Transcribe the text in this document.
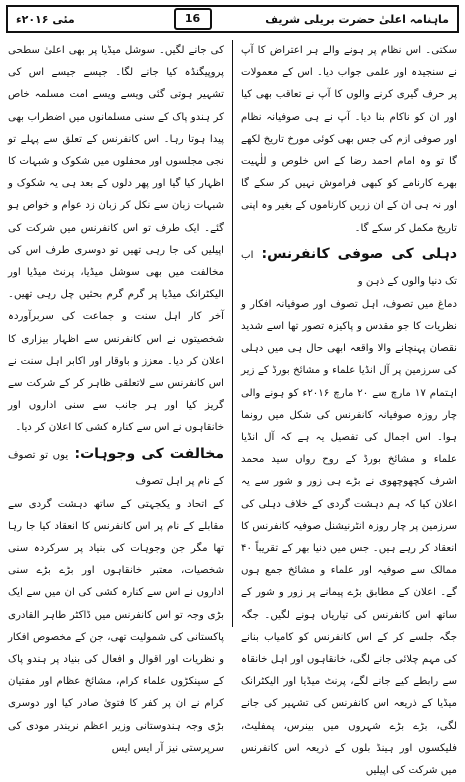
مئی ۲۰۱۶ء	16	ماہنامہ اعلیٰ حضرت بریلی شریف

سکتی۔ اس نظام پر ہونے والے ہر اعتراض کا آپ نے سنجیدہ اور علمی جواب دیا۔ اس کے معمولات پر حرف گیری کرنے والوں کا آپ نے تعاقب بھی کیا اور ان کو ناکام بنا دیا۔ آپ نے ہی صوفیانہ نظام اور صوفی ازم کی جس بھی کوئی مورخ تاریخ لکھے گا تو وہ امام احمد رضا کے اس خلوص و للٰہیت بھرے کارنامے کو کبھی فراموش نہیں کر سکے گا اور نہ ہی ان کے ان زریں کارناموں کے بغیر وہ اپنی تاریخ مکمل کر سکے گا۔

دہلی کی صوفی کانفرنس: اب تک دنیا والوں کے ذہن و

دماغ میں تصوف، اہل تصوف اور صوفیانہ افکار و نظریات کا جو مقدس و پاکیزہ تصور تھا اسے شدید نقصان پہنچانے والا واقعہ ابھی حال ہی میں دہلی کی سرزمین پر آل انڈیا علماء و مشائخ بورڈ کے زیر اہتمام ۱۷ مارچ سے ۲۰ مارچ ۲۰۱۶ء کو ہونے والی چار روزہ صوفیانہ کانفرنس کی شکل میں رونما ہوا۔ اس اجمال کی تفصیل یہ ہے کہ آل انڈیا علماء و مشائخ بورڈ کے روح رواں سید محمد اشرف کچھوچھوی نے بڑے ہی زور و شور سے یہ اعلان کیا کہ ہم دہشت گردی کے خلاف دہلی کی سرزمین پر چار روزہ انٹرنیشنل صوفیہ کانفرنس کا انعقاد کر رہے ہیں۔ جس میں دنیا بھر کے تقریباً ۴۰ ممالک سے صوفیہ اور علماء و مشائخ جمع ہوں گے۔ اعلان کے مطابق بڑے پیمانے پر زور و شور کے ساتھ اس کانفرنس کی تیاریاں ہونے لگیں۔ جگہ جگہ جلسے کر کے اس کانفرنس کو کامیاب بنانے کی مہم چلائی جانے لگی، خانقاہوں اور اہل خانقاہ سے رابطے کیے جانے لگے، پرنٹ میڈیا اور الیکٹرانک میڈیا کے ذریعہ اس کانفرنس کی تشہیر کی جانے لگی، بڑے بڑے شہروں میں بینرس، پمفلیٹ، فلیکسوں اور ہینڈ بلوں کے ذریعہ اس کانفرنس میں شرکت کی اپیلیں

کی جانے لگیں۔ سوشل میڈیا پر بھی اعلیٰ سطحی پروپیگنڈہ کیا جانے لگا۔ جیسے جیسے اس کی تشہیر ہوتی گئی ویسے ویسے امت مسلمہ خاص کر ہندو پاک کے سنی مسلمانوں میں اضطراب بھی پیدا ہوتا رہا۔ اس کانفرنس کے تعلق سے پہلے تو نجی مجلسوں اور محفلوں میں شکوک و شبہات کا اظہار کیا گیا اور پھر دلوں کے بعد ہی یہ شکوک و شبہات زبان سے نکل کر زبان زد عوام و خواص ہو گئے۔ ایک طرف تو اس کانفرنس میں شرکت کی اپیلیں کی جا رہی تھیں تو دوسری طرف اس کی مخالفت میں بھی سوشل میڈیا، پرنٹ میڈیا اور الیکٹرانک میڈیا پر گرم گرم بحثیں چل رہی تھیں۔ آخر کار اہل سنت و جماعت کی سربرآوردہ شخصیتوں نے اس کانفرنس سے اظہار بیزاری کا اعلان کر دیا۔ معزز و باوقار اور اکابر اہل سنت نے اس کانفرنس سے لاتعلقی ظاہر کر کے شرکت سے گریز کیا اور ہر جانب سے سنی اداروں اور خانقاہوں نے اس سے کنارہ کشی کا اعلان کر دیا۔

مخالفت کی وجوہات: یوں تو تصوف کے نام پر اہل تصوف

کے اتحاد و یکجہتی کے ساتھ دہشت گردی سے مقابلے کے نام پر اس کانفرنس کا انعقاد کیا جا رہا تھا مگر جن وجوہات کی بنیاد پر سرکردہ سنی شخصیات، معتبر خانقاہوں اور بڑے بڑے سنی اداروں نے اس سے کنارہ کشی کی ان میں سے ایک بڑی وجہ تو اس کانفرنس میں ڈاکٹر طاہر القادری پاکستانی کی شمولیت تھی، جن کے مخصوص افکار و نظریات اور اقوال و افعال کی بنیاد پر ہندو پاک کے سینکڑوں علماء کرام، مشائخ عظام اور مفتیان کرام نے ان پر کفر کا فتویٰ صادر کیا اور دوسری بڑی وجہ ہندوستانی وزیر اعظم نریندر مودی کی سرپرستی نیز آر ایس ایس
